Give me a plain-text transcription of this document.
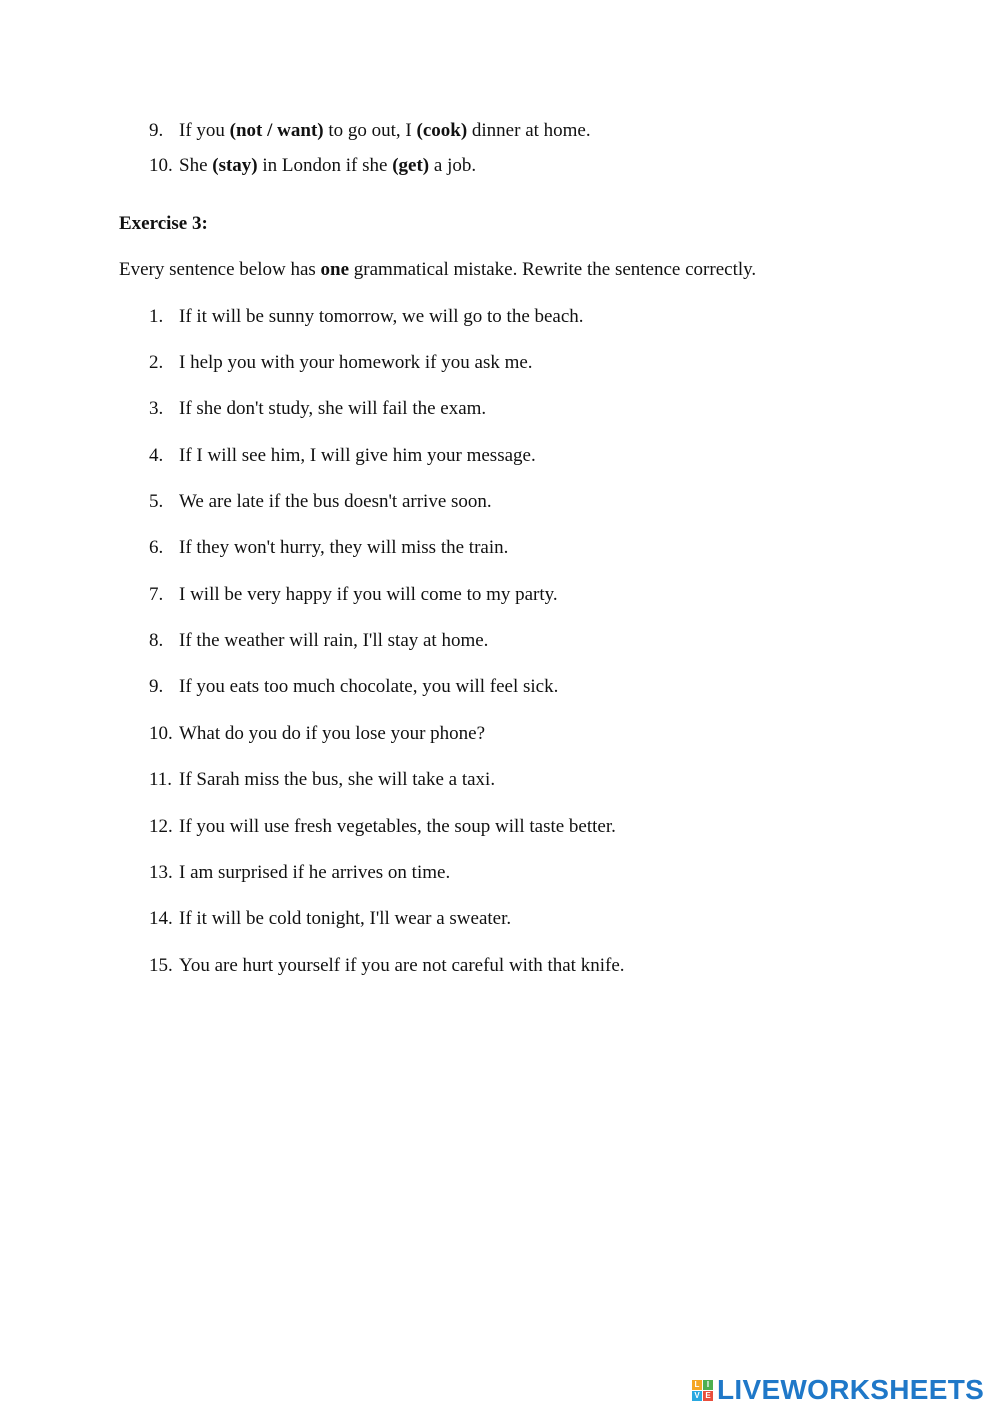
9. If you (not / want) to go out, I (cook) dinner at home.
10. She (stay) in London if she (get) a job.
Exercise 3:
Every sentence below has one grammatical mistake. Rewrite the sentence correctly.
1. If it will be sunny tomorrow, we will go to the beach.
2. I help you with your homework if you ask me.
3. If she don't study, she will fail the exam.
4. If I will see him, I will give him your message.
5. We are late if the bus doesn't arrive soon.
6. If they won't hurry, they will miss the train.
7. I will be very happy if you will come to my party.
8. If the weather will rain, I'll stay at home.
9. If you eats too much chocolate, you will feel sick.
10. What do you do if you lose your phone?
11. If Sarah miss the bus, she will take a taxi.
12. If you will use fresh vegetables, the soup will taste better.
13. I am surprised if he arrives on time.
14. If it will be cold tonight, I'll wear a sweater.
15. You are hurt yourself if you are not careful with that knife.
L I
V E LIVEWORKSHEETS
